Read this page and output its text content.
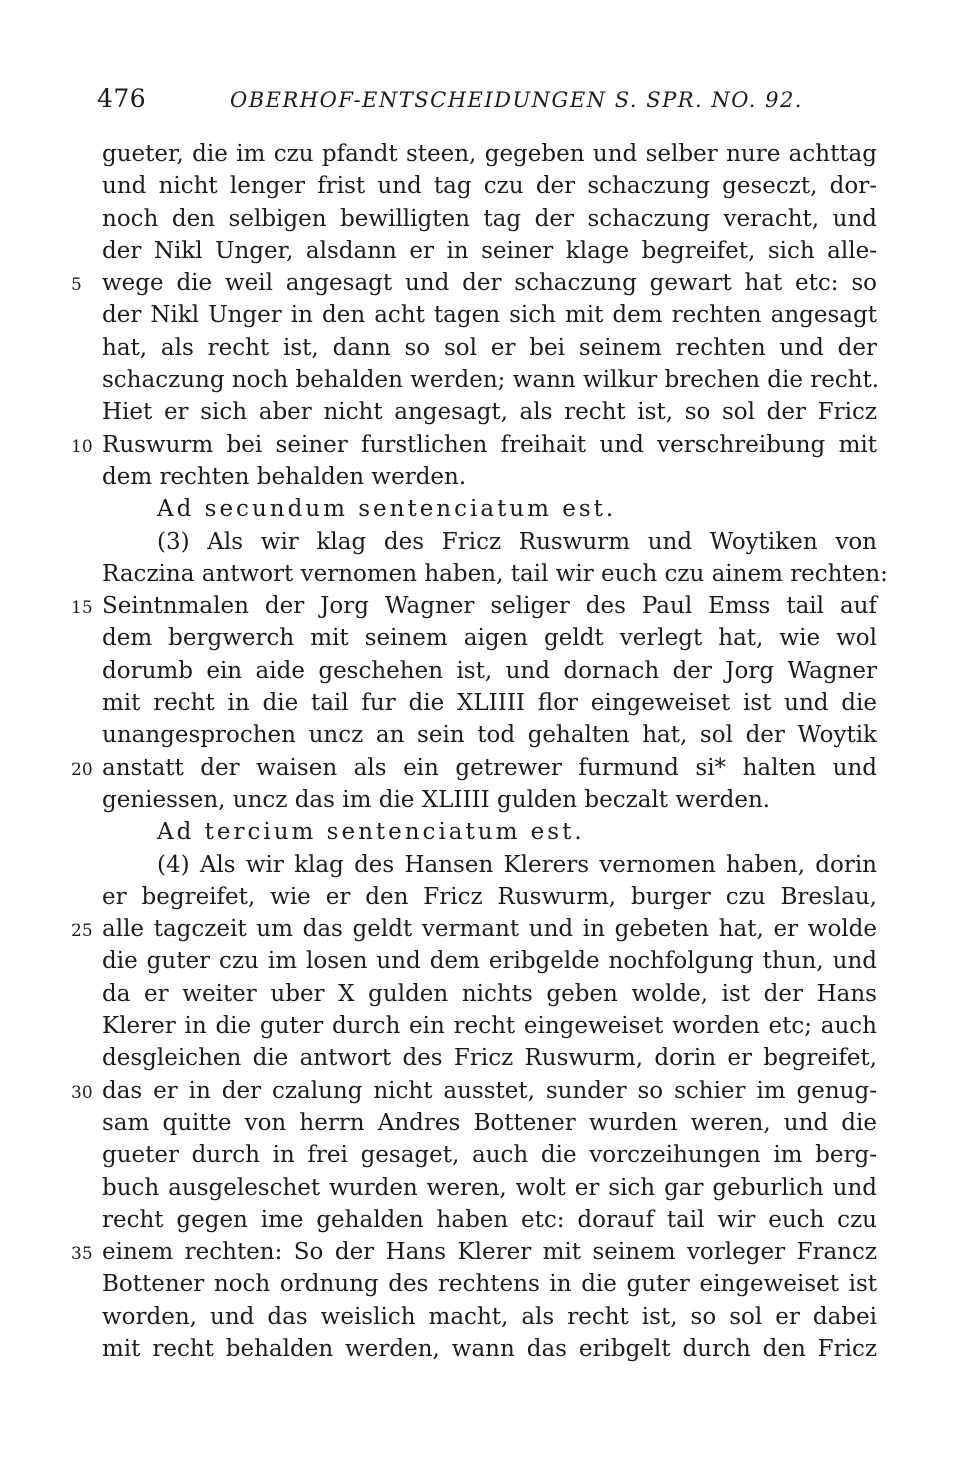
476	OBERHOF-ENTSCHEIDUNGEN S. SPR. NO. 92.
gueter, die im czu pfandt steen, gegeben und selber nure achttag
und nicht lenger frist und tag czu der schaczung geseczt, dor-
noch den selbigen bewilligten tag der schaczung veracht, und
der Nikl Unger, alsdann er in seiner klage begreifet, sich alle-
5 wege die weil angesagt und der schaczung gewart hat etc: so
der Nikl Unger in den acht tagen sich mit dem rechten angesagt
hat, als recht ist, dann so sol er bei seinem rechten und der
schaczung noch behalden werden; wann wilkur brechen die recht.
Hiet er sich aber nicht angesagt, als recht ist, so sol der Fricz
10 Ruswurm bei seiner furstlichen freihait und verschreibung mit
dem rechten behalden werden.
Ad secundum sentenciatum est.
(3) Als wir klag des Fricz Ruswurm und Woytiken von
Raczina antwort vernomen haben, tail wir euch czu ainem rechten:
15 Seintnmalen der Jorg Wagner seliger des Paul Emss tail auf
dem bergwerch mit seinem aigen geldt verlegt hat, wie wol
dorumb ein aide geschehen ist, und dornach der Jorg Wagner
mit recht in die tail fur die XLIIII flor eingeweiset ist und die
unangesprochen uncz an sein tod gehalten hat, sol der Woytik
20 anstatt der waisen als ein getrewer furmund si* halten und
geniessen, uncz das im die XLIIII gulden beczalt werden.
Ad tercium sentenciatum est.
(4) Als wir klag des Hansen Klerers vernomen haben, dorin
er begreifet, wie er den Fricz Ruswurm, burger czu Breslau,
25 alle tagczeit um das geldt vermant und in gebeten hat, er wolde
die guter czu im losen und dem eribgelde nochfolgung thun, und
da er weiter uber X gulden nichts geben wolde, ist der Hans
Klerer in die guter durch ein recht eingeweiset worden etc; auch
desgleichen die antwort des Fricz Ruswurm, dorin er begreifet,
30 das er in der czalung nicht ausstet, sunder so schier im genug-
sam quitte von herrn Andres Bottener wurden weren, und die
gueter durch in frei gesaget, auch die vorczeihungen im berg-
buch ausgeleschet wurden weren, wolt er sich gar geburlich und
recht gegen ime gehalden haben etc: dorauf tail wir euch czu
35 einem rechten: So der Hans Klerer mit seinem vorleger Francz
Bottener noch ordnung des rechtens in die guter eingeweiset ist
worden, und das weislich macht, als recht ist, so sol er dabei
mit recht behalden werden, wann das eribgelt durch den Fricz
